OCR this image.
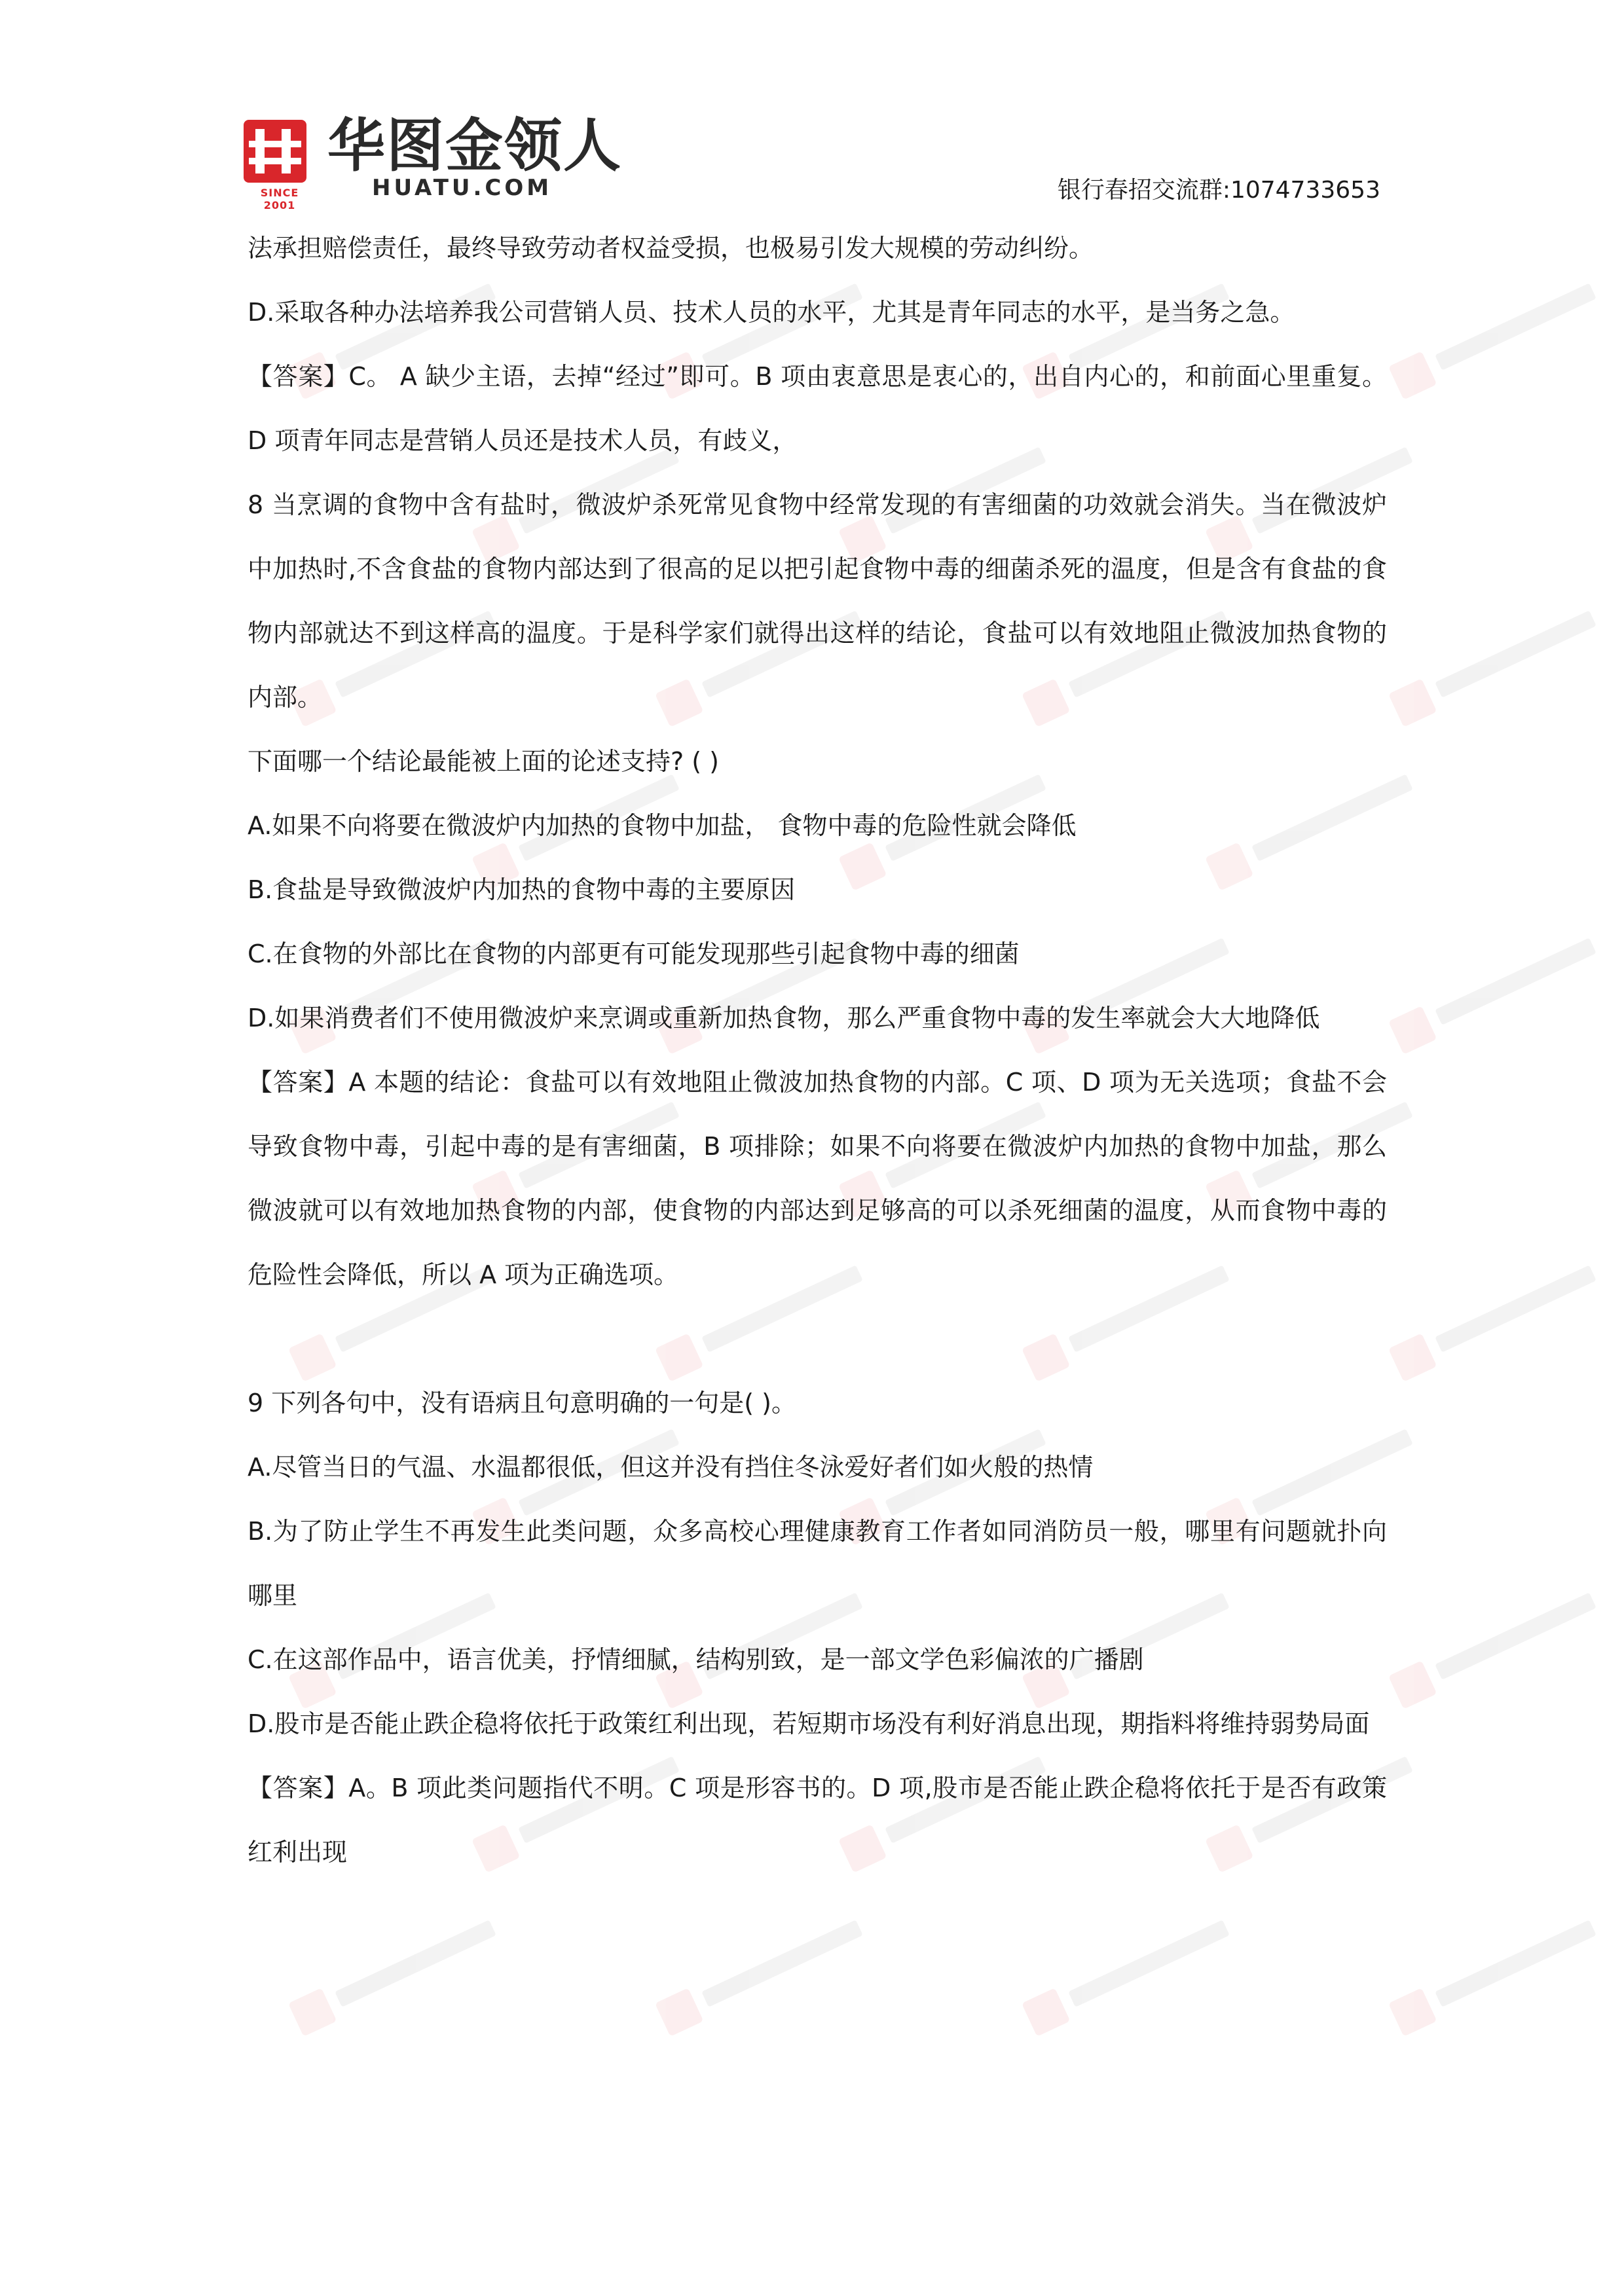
SINCE 2001
华图金领人
HUATU.COM	银行春招交流群:1074733653

法承担赔偿责任，最终导致劳动者权益受损，也极易引发大规模的劳动纠纷。

D.采取各种办法培养我公司营销人员、技术人员的水平，尤其是青年同志的水平，是当务之急。

【答案】C。 A 缺少主语，去掉“经过”即可。B 项由衷意思是衷心的，出自内心的，和前面心里重复。D 项青年同志是营销人员还是技术人员，有歧义，

8 当烹调的食物中含有盐时，微波炉杀死常见食物中经常发现的有害细菌的功效就会消失。当在微波炉中加热时,不含食盐的食物内部达到了很高的足以把引起食物中毒的细菌杀死的温度，但是含有食盐的食物内部就达不到这样高的温度。于是科学家们就得出这样的结论，食盐可以有效地阻止微波加热食物的内部。

下面哪一个结论最能被上面的论述支持? ( )

A.如果不向将要在微波炉内加热的食物中加盐， 食物中毒的危险性就会降低

B.食盐是导致微波炉内加热的食物中毒的主要原因

C.在食物的外部比在食物的内部更有可能发现那些引起食物中毒的细菌

D.如果消费者们不使用微波炉来烹调或重新加热食物，那么严重食物中毒的发生率就会大大地降低

【答案】A 本题的结论：食盐可以有效地阻止微波加热食物的内部。C 项、D 项为无关选项；食盐不会导致食物中毒，引起中毒的是有害细菌，B 项排除；如果不向将要在微波炉内加热的食物中加盐，那么微波就可以有效地加热食物的内部，使食物的内部达到足够高的可以杀死细菌的温度，从而食物中毒的危险性会降低，所以 A 项为正确选项。

9 下列各句中，没有语病且句意明确的一句是( )。

A.尽管当日的气温、水温都很低，但这并没有挡住冬泳爱好者们如火般的热情

B.为了防止学生不再发生此类问题，众多高校心理健康教育工作者如同消防员一般，哪里有问题就扑向哪里

C.在这部作品中，语言优美，抒情细腻，结构别致，是一部文学色彩偏浓的广播剧

D.股市是否能止跌企稳将依托于政策红利出现，若短期市场没有利好消息出现，期指料将维持弱势局面

【答案】A。B 项此类问题指代不明。C 项是形容书的。D 项,股市是否能止跌企稳将依托于是否有政策红利出现
